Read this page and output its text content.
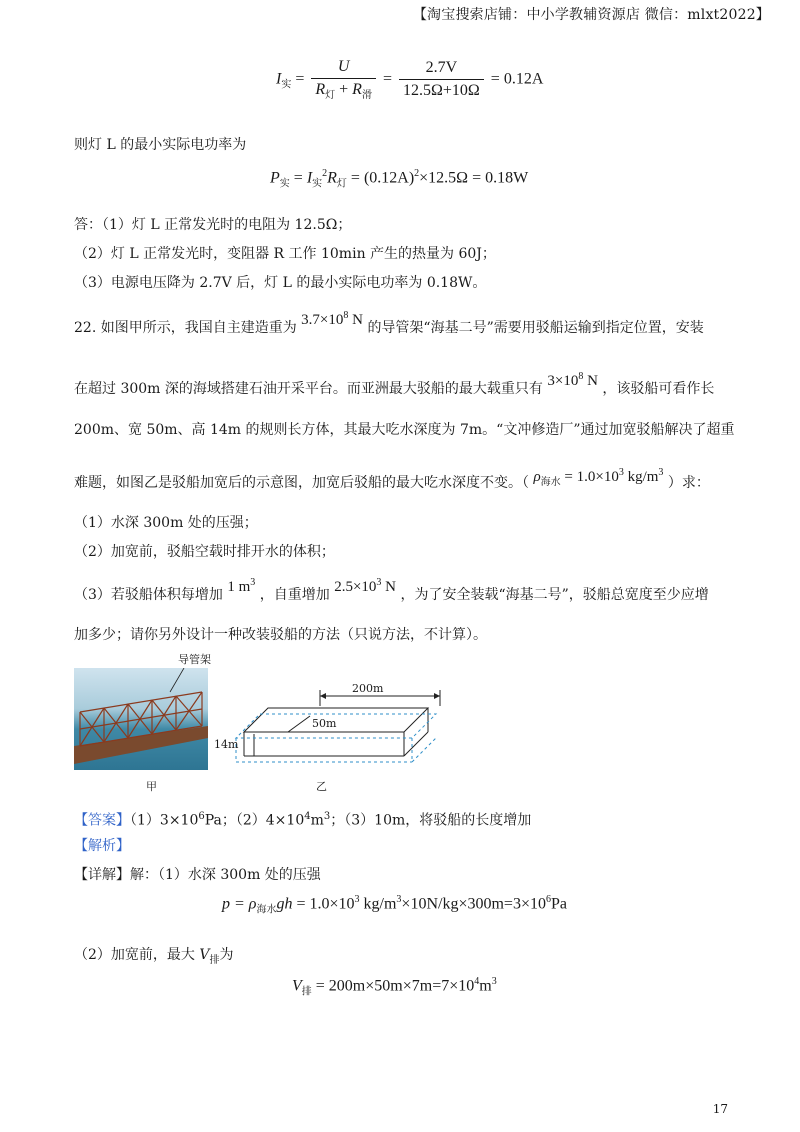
【淘宝搜索店铺：中小学教辅资源店 微信：mlxt2022】
$I_实 = \frac{U}{R_灯 + R_滑} = \frac{2.7V}{12.5\Omega+10\Omega} = 0.12A$
则灯 L 的最小实际电功率为
$P_实 = I_实^2R_灯 = (0.12A)^2\times 12.5\Omega = 0.18W$
答：（1）灯 L 正常发光时的电阻为 12.5Ω；
（2）灯 L 正常发光时，变阻器 R 工作 10min 产生的热量为 60J；
（3）电源电压降为 2.7V 后，灯 L 的最小实际电功率为 0.18W。
22. 如图甲所示，我国自主建造重为 $3.7\times 10^8$ N 的导管架“海基二号”需要用驳船运输到指定位置，安装
在超过 300m 深的海域搭建石油开采平台。而亚洲最大驳船的最大载重只有 $3\times 10^8$ N ，该驳船可看作长
200m、宽 50m、高 14m 的规则长方体，其最大吃水深度为 7m。“文冲修造厂”通过加宽驳船解决了超重
难题，如图乙是驳船加宽后的示意图，加宽后驳船的最大吃水深度不变。（ $\rho_{海水} = 1.0\times 10^3$ $kg/m^3$ ）求：
（1）水深 300m 处的压强；
（2）加宽前，驳船空载时排开水的体积；
（3）若驳船体积每增加 1 $m^3$ ，自重增加 $2.5\times 10^3$ N ，为了安全装载“海基二号”，驳船总宽度至少应增
加多少；请你另外设计一种改装驳船的方法（只说方法，不计算）。
导管架
甲
200m
50m
14m
乙
【答案】$(1)3\times 10^6Pa$；$(2)4\times 10^4m^3$；（3）10m，将驳船的长度增加
【解析】
【详解】解：（1）水深 300m 处的压强
$p = \rho_{海水}gh = 1.0\times 10^3$ $kg/m^3\times 10N/kg\times 300m=3\times 10^6Pa$
（2）加宽前，最大 $V_排$为
$V_排 = 200m\times 50m\times 7m=7\times 10^4m^3$
17
